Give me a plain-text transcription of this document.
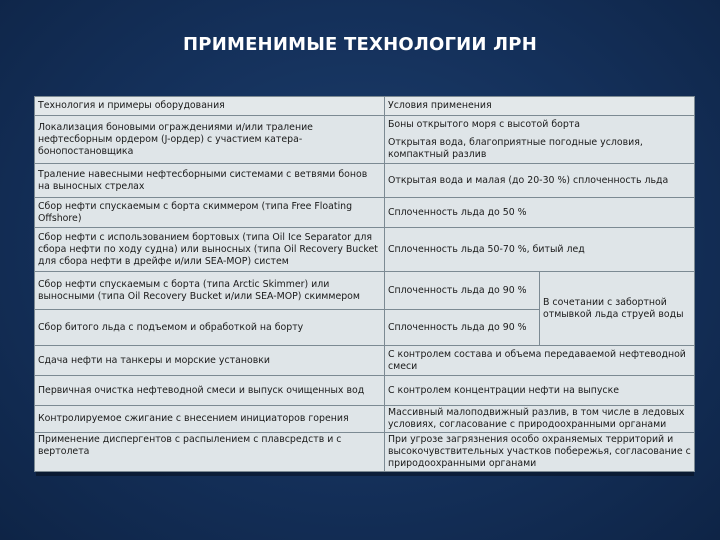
ПРИМЕНИМЫЕ ТЕХНОЛОГИИ ЛРН
Технология и примеры оборудования	Условия применения	
Локализация боновыми ограждениями и/или траление нефтесборным ордером (J-ордер) с участием катера-бонопостановщика	Боны открытого моря с высотой борта
Открытая вода, благоприятные погодные условия, компактный разлив	

Траление навесными нефтесборными системами с ветвями бонов на выносных стрелах	Открытая вода и малая (до 20-30 %) сплоченность льда	
Сбор нефти спускаемым с борта скиммером (типа Free Floating Offshore)	Сплоченность льда до 50 %	
Сбор нефти с использованием бортовых (типа Oil Ice Separator для сбора нефти по ходу судна) или выносных (типа Oil Recovery Bucket для сбора нефти в дрейфе и/или SEA-MOP) систем	Сплоченность льда 50-70 %, битый лед	
Сбор нефти спускаемым с борта (типа Arctic Skimmer) или выносными (типа Oil Recovery Bucket и/или SEA-MOP) скиммером	Сплоченность льда до 90 %	В сочетании с забортной отмывкой льда струей воды
Сбор битого льда с подъемом и обработкой на борту	Сплоченность льда до 90 %	
Сдача нефти на танкеры и морские установки	С контролем состава и объема передаваемой нефтеводной смеси	
Первичная очистка нефтеводной смеси и выпуск очищенных вод	С контролем концентрации нефти на выпуске	
Контролируемое сжигание с внесением инициаторов горения	Массивный малоподвижный разлив, в том числе в ледовых условиях, согласование с природоохранными органами	
Применение диспергентов с распылением с плавсредств и с вертолета	При угрозе загрязнения особо охраняемых территорий и высокочувствительных участков побережья, согласование с природоохранными органами	
